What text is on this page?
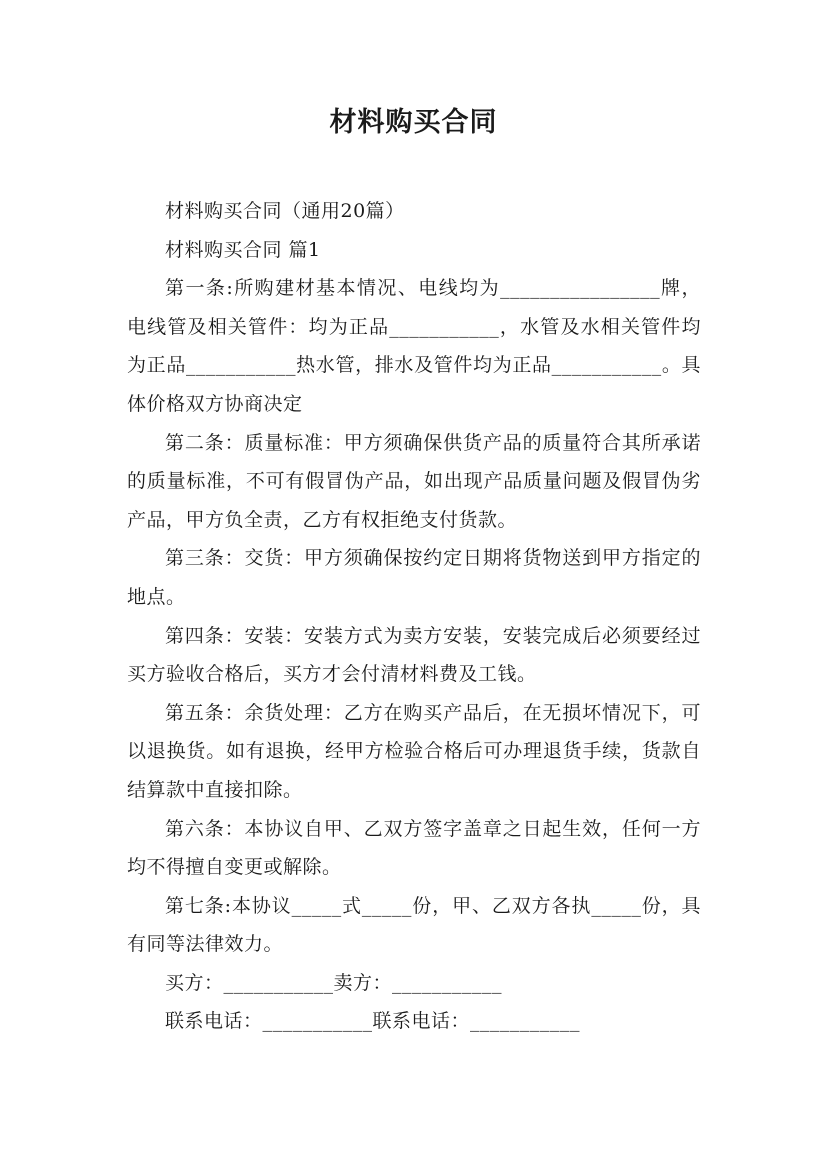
材料购买合同

材料购买合同（通用20篇）

材料购买合同 篇1

第一条:所购建材基本情况、电线均为________________牌，电线管及相关管件：均为正品___________，水管及水相关管件均为正品___________热水管，排水及管件均为正品___________。具体价格双方协商决定

第二条：质量标准：甲方须确保供货产品的质量符合其所承诺的质量标准，不可有假冒伪产品，如出现产品质量问题及假冒伪劣产品，甲方负全责，乙方有权拒绝支付货款。

第三条：交货：甲方须确保按约定日期将货物送到甲方指定的地点。

第四条：安装：安装方式为卖方安装，安装完成后必须要经过买方验收合格后，买方才会付清材料费及工钱。

第五条：余货处理：乙方在购买产品后，在无损坏情况下，可以退换货。如有退换，经甲方检验合格后可办理退货手续，货款自结算款中直接扣除。

第六条：本协议自甲、乙双方签字盖章之日起生效，任何一方均不得擅自变更或解除。

第七条:本协议_____式_____份，甲、乙双方各执_____份，具有同等法律效力。

买方：___________卖方：___________

联系电话：___________联系电话：___________
